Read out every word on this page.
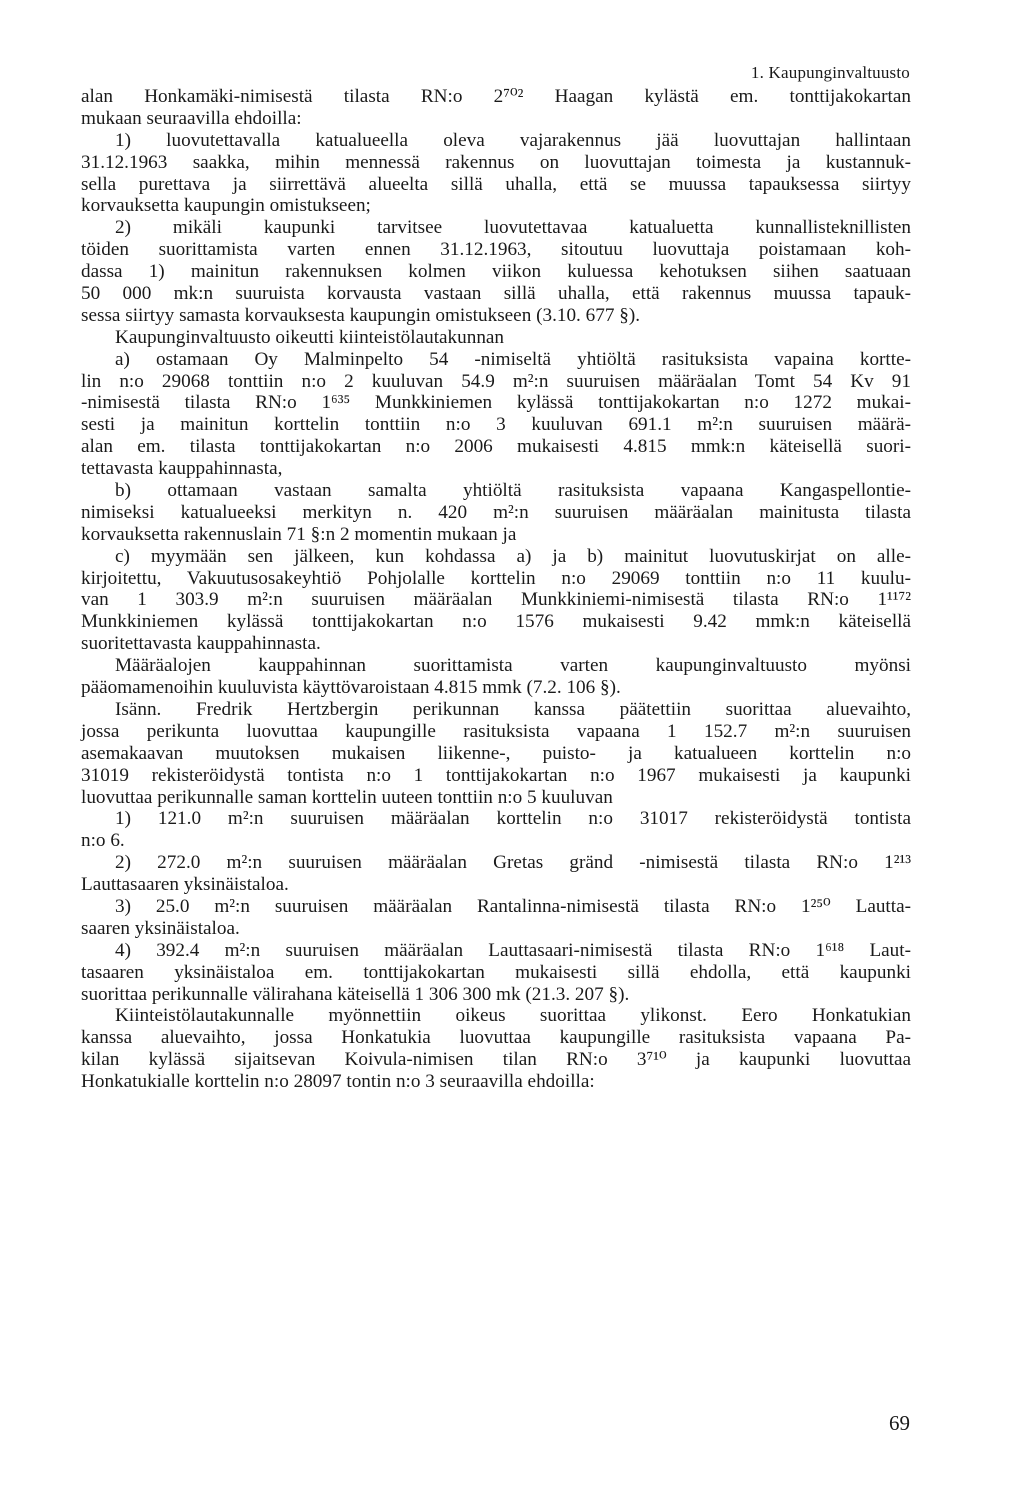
1. Kaupunginvaltuusto
alan Honkamäki-nimisestä tilasta RN:o 2⁷⁰² Haagan kylästä em. tonttijakokartan
mukaan seuraavilla ehdoilla:
1) luovutettavalla katualueella oleva vajarakennus jää luovuttajan hallintaan
31.12.1963 saakka, mihin mennessä rakennus on luovuttajan toimesta ja kustannuk-
sella purettava ja siirrettävä alueelta sillä uhalla, että se muussa tapauksessa siirtyy
korvauksetta kaupungin omistukseen;
2) mikäli kaupunki tarvitsee luovutettavaa katualuetta kunnallisteknillisten
töiden suorittamista varten ennen 31.12.1963, sitoutuu luovuttaja poistamaan koh-
dassa 1) mainitun rakennuksen kolmen viikon kuluessa kehotuksen siihen saatuaan
50 000 mk:n suuruista korvausta vastaan sillä uhalla, että rakennus muussa tapauk-
sessa siirtyy samasta korvauksesta kaupungin omistukseen (3.10. 677 §).
Kaupunginvaltuusto oikeutti kiinteistölautakunnan
a) ostamaan Oy Malminpelto 54 -nimiseltä yhtiöltä rasituksista vapaina kortte-
lin n:o 29068 tonttiin n:o 2 kuuluvan 54.9 m²:n suuruisen määräalan Tomt 54 Kv 91
-nimisestä tilasta RN:o 1⁶³⁵ Munkkiniemen kylässä tonttijakokartan n:o 1272 mukai-
sesti ja mainitun korttelin tonttiin n:o 3 kuuluvan 691.1 m²:n suuruisen määrä-
alan em. tilasta tonttijakokartan n:o 2006 mukaisesti 4.815 mmk:n käteisellä suori-
tettavasta kauppahinnasta,
b) ottamaan vastaan samalta yhtiöltä rasituksista vapaana Kangaspellontie-
nimiseksi katualueeksi merkityn n. 420 m²:n suuruisen määräalan mainitusta tilasta
korvauksetta rakennuslain 71 §:n 2 momentin mukaan ja
c) myymään sen jälkeen, kun kohdassa a) ja b) mainitut luovutuskirjat on alle-
kirjoitettu, Vakuutusosakeyhtiö Pohjolalle korttelin n:o 29069 tonttiin n:o 11 kuulu-
van 1 303.9 m²:n suuruisen määräalan Munkkiniemi-nimisestä tilasta RN:o 1¹¹⁷²
Munkkiniemen kylässä tonttijakokartan n:o 1576 mukaisesti 9.42 mmk:n käteisellä
suoritettavasta kauppahinnasta.
Määräalojen kauppahinnan suorittamista varten kaupunginvaltuusto myönsi
pääomamenoihin kuuluvista käyttövaroistaan 4.815 mmk (7.2. 106 §).
Isänn. Fredrik Hertzbergin perikunnan kanssa päätettiin suorittaa aluevaihto,
jossa perikunta luovuttaa kaupungille rasituksista vapaana 1 152.7 m²:n suuruisen
asemakaavan muutoksen mukaisen liikenne-, puisto- ja katualueen korttelin n:o
31019 rekisteröidystä tontista n:o 1 tonttijakokartan n:o 1967 mukaisesti ja kaupunki
luovuttaa perikunnalle saman korttelin uuteen tonttiin n:o 5 kuuluvan
1) 121.0 m²:n suuruisen määräalan korttelin n:o 31017 rekisteröidystä tontista
n:o 6.
2) 272.0 m²:n suuruisen määräalan Gretas gränd -nimisestä tilasta RN:o 1²¹³
Lauttasaaren yksinäistaloa.
3) 25.0 m²:n suuruisen määräalan Rantalinna-nimisestä tilasta RN:o 1²⁵⁰ Lautta-
saaren yksinäistaloa.
4) 392.4 m²:n suuruisen määräalan Lauttasaari-nimisestä tilasta RN:o 1⁶¹⁸ Laut-
tasaaren yksinäistaloa em. tonttijakokartan mukaisesti sillä ehdolla, että kaupunki
suorittaa perikunnalle välirahana käteisellä 1 306 300 mk (21.3. 207 §).
Kiinteistölautakunnalle myönnettiin oikeus suorittaa ylikonst. Eero Honkatukian
kanssa aluevaihto, jossa Honkatukia luovuttaa kaupungille rasituksista vapaana Pa-
kilan kylässä sijaitsevan Koivula-nimisen tilan RN:o 3⁷¹⁰ ja kaupunki luovuttaa
Honkatukialle korttelin n:o 28097 tontin n:o 3 seuraavilla ehdoilla:
69
